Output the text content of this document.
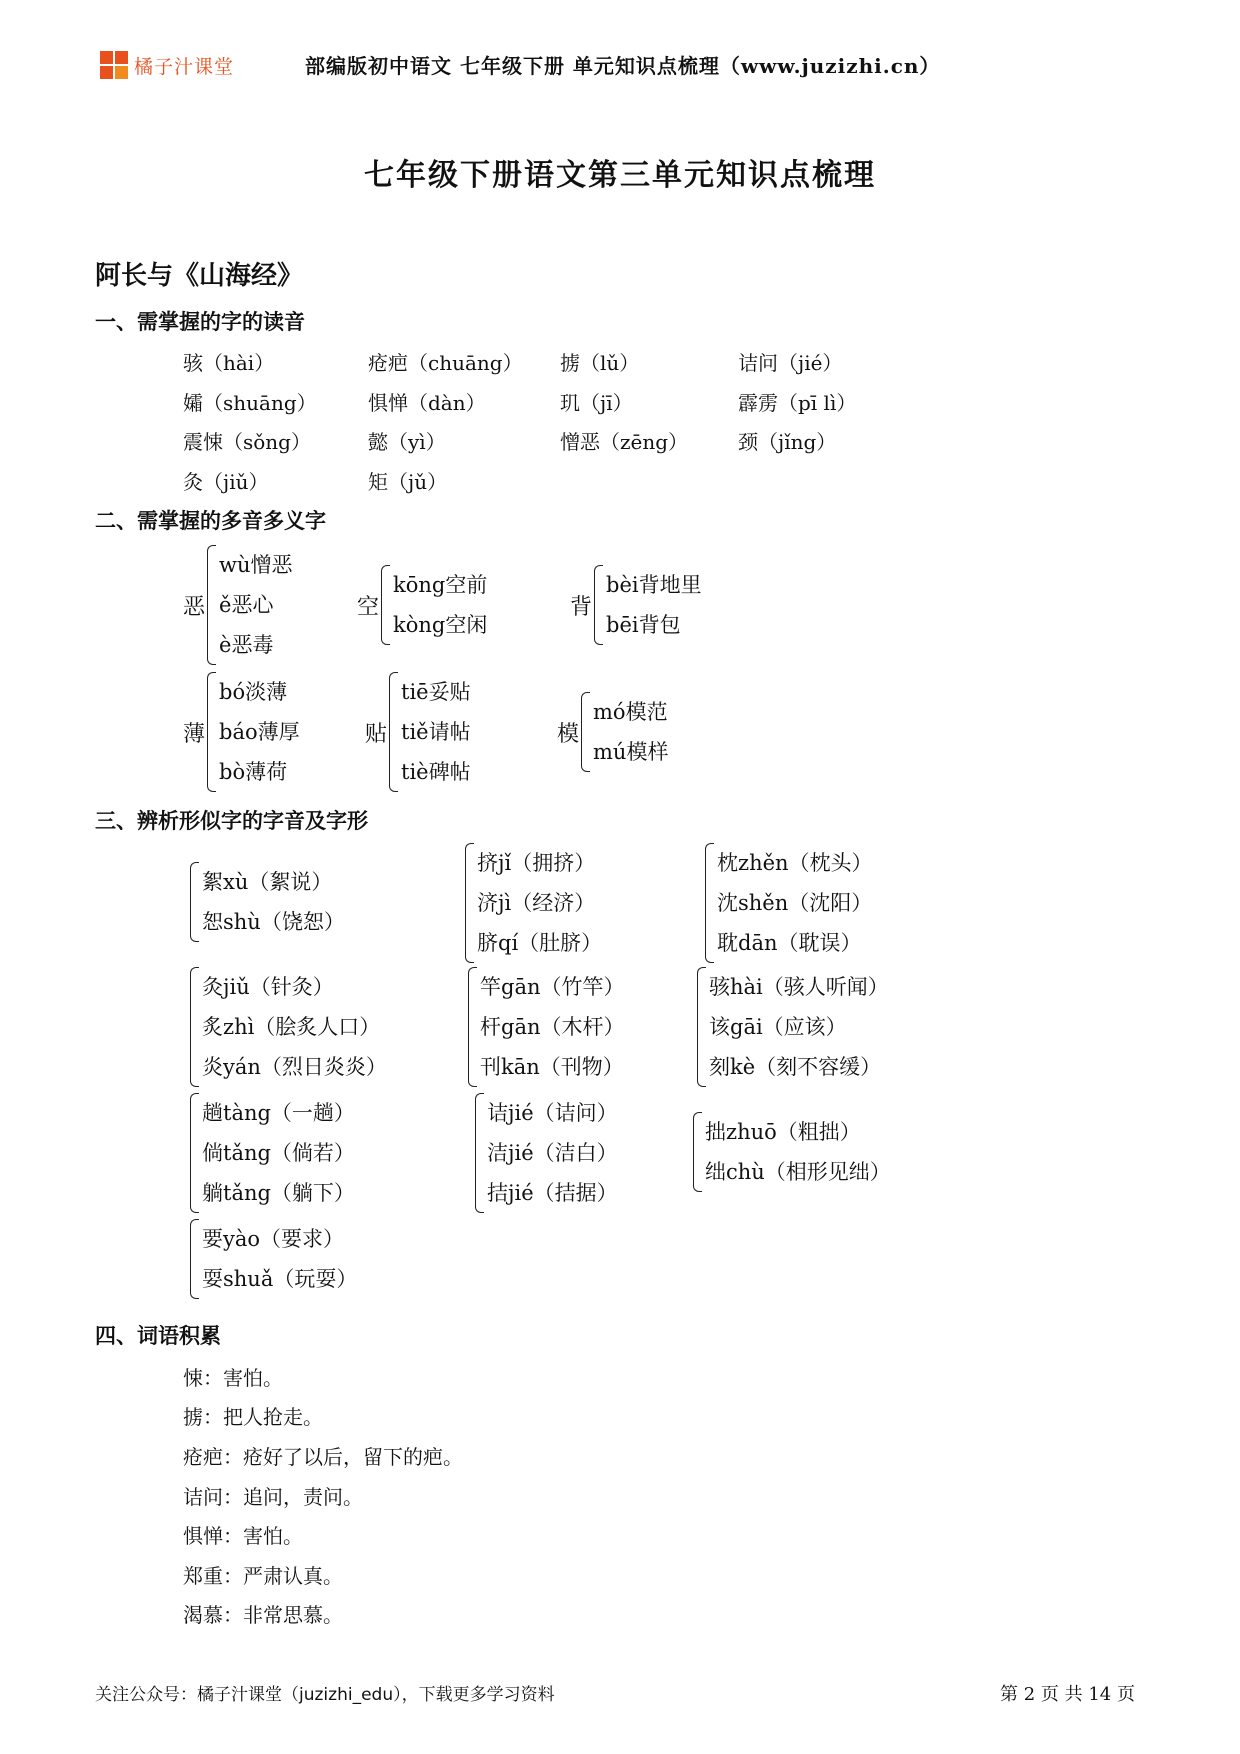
橘子汁课堂	部编版初中语文 七年级下册 单元知识点梳理（www.juzizhi.cn）
七年级下册语文第三单元知识点梳理
阿长与《山海经》
一、需掌握的字的读音
骇（hài）	疮疤（chuāng） 掳（lǔ）	诘问（jié）
孀（shuāng）	惧惮（dàn）	玑（jī）	霹雳（pī lì）
震悚（sǒng）	懿（yì）	憎恶（zēng） 颈（jǐng）
灸（jiǔ）	矩（jǔ）
二、需掌握的多音多义字
恶
wù憎恶
ě恶心
è恶毒
空
kōng空前
kòng空闲
背
bèi背地里
bēi背包
薄
bó淡薄
báo薄厚
bò薄荷
贴
tiē妥贴
tiě请帖
tiè碑帖
模
mó模范
mú模样
三、辨析形似字的字音及字形
絮xù（絮说）
恕shù（饶恕）
挤jǐ（拥挤）
济jì（经济）
脐qí（肚脐）
枕zhěn（枕头）
沈shěn（沈阳）
耽dān（耽误）
灸jiǔ（针灸）
炙zhì（脍炙人口）
炎yán（烈日炎炎）
竿gān（竹竿）
杆gān（木杆）
刊kān（刊物）
骇hài（骇人听闻）
该gāi（应该）
刻kè（刻不容缓）
趟tàng（一趟）
倘tǎng（倘若）
躺tǎng（躺下）
诘jié（诘问）
洁jié（洁白）
拮jié（拮据）
拙zhuō（粗拙）
绌chù（相形见绌）
要yào（要求）
耍shuǎ（玩耍）
四、词语积累
悚：害怕。
掳：把人抢走。
疮疤：疮好了以后，留下的疤。
诘问：追问，责问。
惧惮：害怕。
郑重：严肃认真。
渴慕：非常思慕。
关注公众号：橘子汁课堂（juzizhi_edu），下载更多学习资料	第 2 页 共 14 页
